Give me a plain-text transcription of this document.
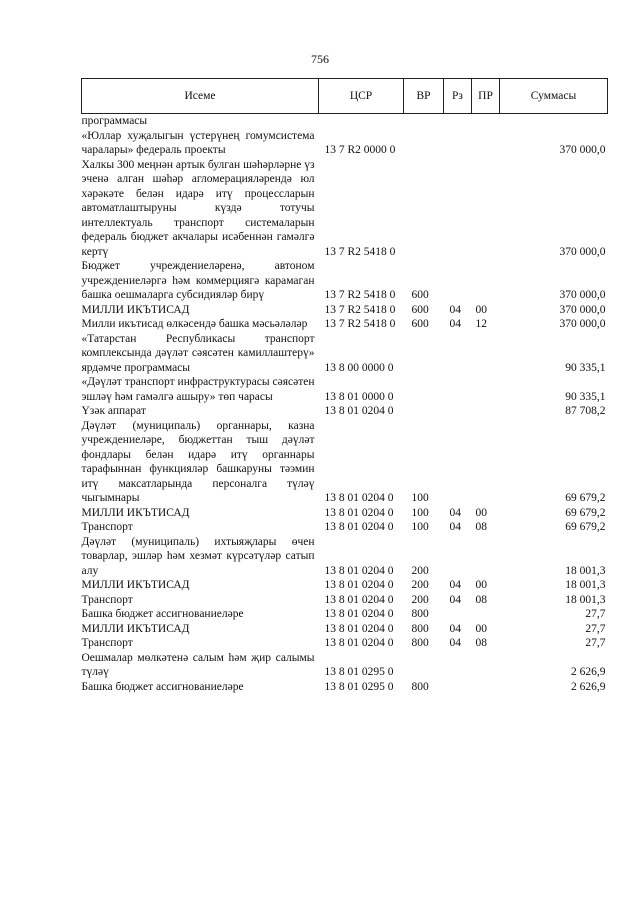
756
Исеме	ЦСР	ВР	Рз	ПР	Суммасы
программасы					
«Юллар хуҗалыгын үстерүнең гомумсистема чаралары» федераль проекты	13 7 R2 0000 0				370 000,0
Халкы 300 меңнән артык булган шәһәрләрне үз эченә алган шәһәр агломерацияләрендә юл хәрәкәте белән идарә итү процессларын автоматлаштыруны күздә тотучы интеллектуаль транспорт системаларын федераль бюджет акчалары исәбеннән гамәлгә кертү	13 7 R2 5418 0				370 000,0
Бюджет учреждениеләренә, автоном учреждениеләргә һәм коммерциягә карамаган башка оешмаларга субсидияләр бирү	13 7 R2 5418 0	600			370 000,0
МИЛЛИ ИКЪТИСАД	13 7 R2 5418 0	600	04	00	370 000,0
Милли икътисад өлкәсендә башка мәсьәләләр	13 7 R2 5418 0	600	04	12	370 000,0
«Татарстан Республикасы транспорт комплексында дәүләт сәясәтен камиллаштерү» ярдәмче программасы	13 8 00 0000 0				90 335,1
«Дәүләт транспорт инфраструктурасы сәясәтен эшләү һәм гамәлгә ашыру» төп чарасы	13 8 01 0000 0				90 335,1
Үзәк аппарат	13 8 01 0204 0				87 708,2
Дәүләт (муниципаль) органнары, казна учреждениеләре, бюджеттан тыш дәүләт фондлары белән идарә итү органнары тарафыннан функцияләр башкаруны тәэмин итү максатларында персоналга түләү чыгымнары	13 8 01 0204 0	100			69 679,2
МИЛЛИ ИКЪТИСАД	13 8 01 0204 0	100	04	00	69 679,2
Транспорт	13 8 01 0204 0	100	04	08	69 679,2
Дәүләт (муниципаль) ихтыяҗлары өчен товарлар, эшләр һәм хезмәт күрсәтүләр сатып алу	13 8 01 0204 0	200			18 001,3
МИЛЛИ ИКЪТИСАД	13 8 01 0204 0	200	04	00	18 001,3
Транспорт	13 8 01 0204 0	200	04	08	18 001,3
Башка бюджет ассигнованиеләре	13 8 01 0204 0	800			27,7
МИЛЛИ ИКЪТИСАД	13 8 01 0204 0	800	04	00	27,7
Транспорт	13 8 01 0204 0	800	04	08	27,7
Оешмалар мөлкәтенә салым һәм җир салымы түләү	13 8 01 0295 0				2 626,9
Башка бюджет ассигнованиеләре	13 8 01 0295 0	800			2 626,9
